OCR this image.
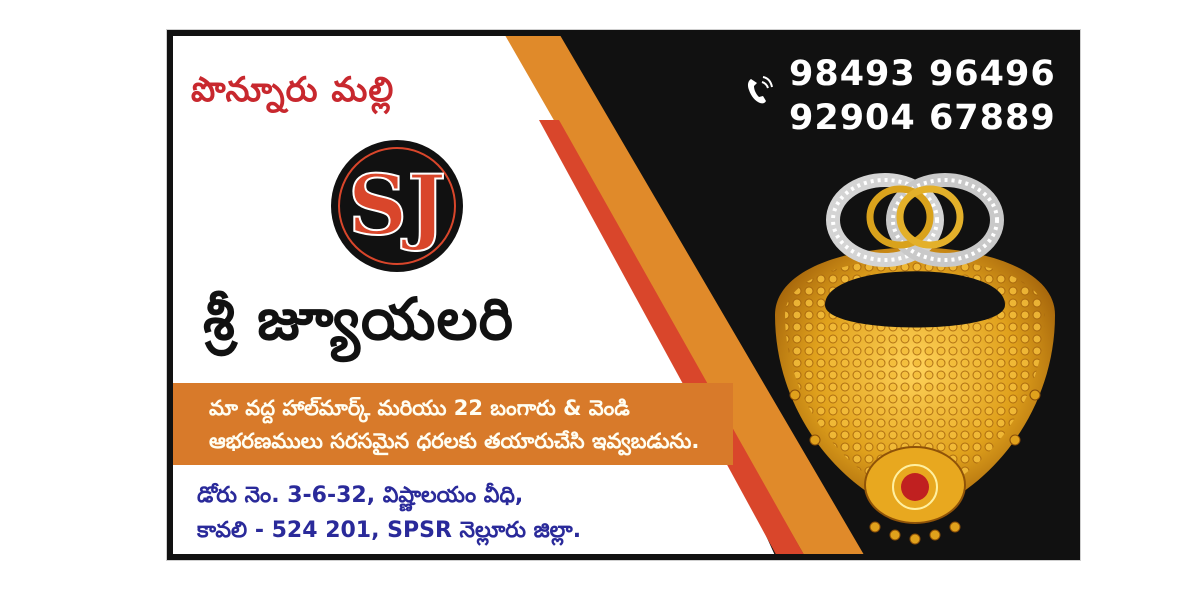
పొన్నూరు మల్లి
SJ
శ్రీ జ్యూయలరి
మా వద్ద హాల్‌మార్క్ మరియు 22 బంగారు & వెండి
ఆభరణములు సరసమైన ధరలకు తయారుచేసి ఇవ్వబడును.
డోరు నెం. 3-6-32, విష్ణాలయం వీధి,
కావలి - 524 201, SPSR నెల్లూరు జిల్లా.
98493 96496
92904 67889
